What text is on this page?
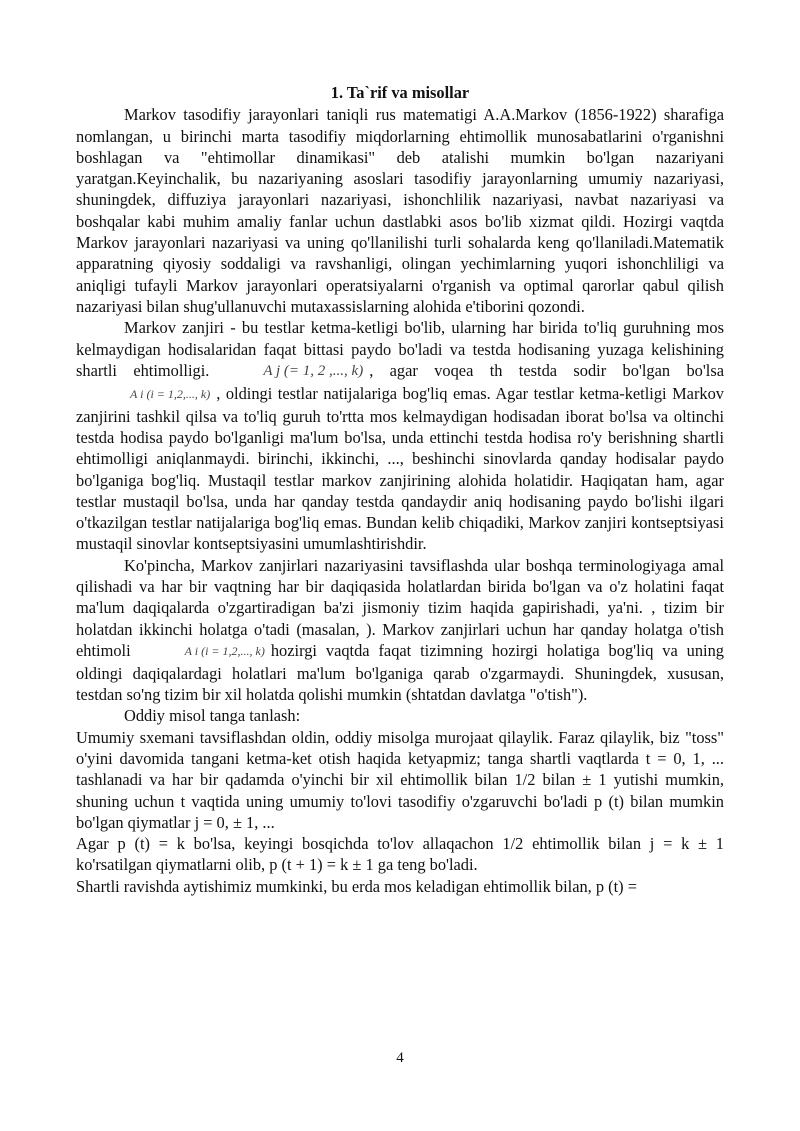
1. Ta`rif va misollar

Markov tasodifiy jarayonlari taniqli rus matematigi A.A.Markov (1856-1922) sharafiga nomlangan, u birinchi marta tasodifiy miqdorlarning ehtimollik munosabatlarini o'rganishni boshlagan va "ehtimollar dinamikasi" deb atalishi mumkin bo'lgan nazariyani yaratgan.Keyinchalik, bu nazariyaning asoslari tasodifiy jarayonlarning umumiy nazariyasi, shuningdek, diffuziya jarayonlari nazariyasi, ishonchlilik nazariyasi, navbat nazariyasi va boshqalar kabi muhim amaliy fanlar uchun dastlabki asos bo'lib xizmat qildi. Hozirgi vaqtda Markov jarayonlari nazariyasi va uning qo'llanilishi turli sohalarda keng qo'llaniladi.Matematik apparatning qiyosiy soddaligi va ravshanligi, olingan yechimlarning yuqori ishonchliligi va aniqligi tufayli Markov jarayonlari operatsiyalarni o'rganish va optimal qarorlar qabul qilish nazariyasi bilan shug'ullanuvchi mutaxassislarning alohida e'tiborini qozondi.

Markov zanjiri - bu testlar ketma-ketligi bo'lib, ularning har birida to'liq guruhning mos kelmaydigan hodisalaridan faqat bittasi paydo bo'ladi va testda hodisaning yuzaga kelishining shartli ehtimolligi.	A j (= 1, 2 ,..., k) , agar voqea th testda sodir bo'lgan bo'lsaA i (i = 1,2,..., k) , oldingi testlar natijalariga bog'liq emas. Agar testlar ketma-ketligi Markov zanjirini tashkil qilsa va to'liq guruh to'rtta mos kelmaydigan hodisadan iborat bo'lsa va oltinchi testda hodisa paydo bo'lganligi ma'lum bo'lsa, unda ettinchi testda hodisa ro'y berishning shartli ehtimolligi aniqlanmaydi. birinchi, ikkinchi, ..., beshinchi sinovlarda qanday hodisalar paydo bo'lganiga bog'liq. Mustaqil testlar markov zanjirining alohida holatidir. Haqiqatan ham, agar testlar mustaqil bo'lsa, unda har qanday testda qandaydir aniq hodisaning paydo bo'lishi ilgari o'tkazilgan testlar natijalariga bog'liq emas. Bundan kelib chiqadiki, Markov zanjiri kontseptsiyasi mustaqil sinovlar kontseptsiyasini umumlashtirishdir.

Ko'pincha, Markov zanjirlari nazariyasini tavsiflashda ular boshqa terminologiyaga amal qilishadi va har bir vaqtning har bir daqiqasida holatlardan birida bo'lgan va o'z holatini faqat ma'lum daqiqalarda o'zgartiradigan ba'zi jismoniy tizim haqida gapirishadi, ya'ni. , tizim bir holatdan ikkinchi holatga o'tadi (masalan, ). Markov zanjirlari uchun har qanday holatga o'tish ehtimoli	A i (i = 1,2,..., k) hozirgi vaqtda faqat tizimning hozirgi holatiga bog'liq va uning oldingi daqiqalardagi holatlari ma'lum bo'lganiga qarab o'zgarmaydi. Shuningdek, xususan, testdan so'ng tizim bir xil holatda qolishi mumkin (shtatdan davlatga "o'tish").

Oddiy misol tanga tanlash:

Umumiy sxemani tavsiflashdan oldin, oddiy misolga murojaat qilaylik. Faraz qilaylik, biz "toss" o'yini davomida tangani ketma-ket otish haqida ketyapmiz; tanga shartli vaqtlarda t = 0, 1, ... tashlanadi va har bir qadamda o'yinchi bir xil ehtimollik bilan 1/2 bilan ± 1 yutishi mumkin, shuning uchun t vaqtida uning umumiy to'lovi tasodifiy o'zgaruvchi bo'ladi p (t) bilan mumkin bo'lgan qiymatlar j = 0, ± 1, ...

Agar p (t) = k bo'lsa, keyingi bosqichda to'lov allaqachon 1/2 ehtimollik bilan j = k ± 1 ko'rsatilgan qiymatlarni olib, p (t + 1) = k ± 1 ga teng bo'ladi.

Shartli ravishda aytishimiz mumkinki, bu erda mos keladigan ehtimollik bilan, p (t) =

4
